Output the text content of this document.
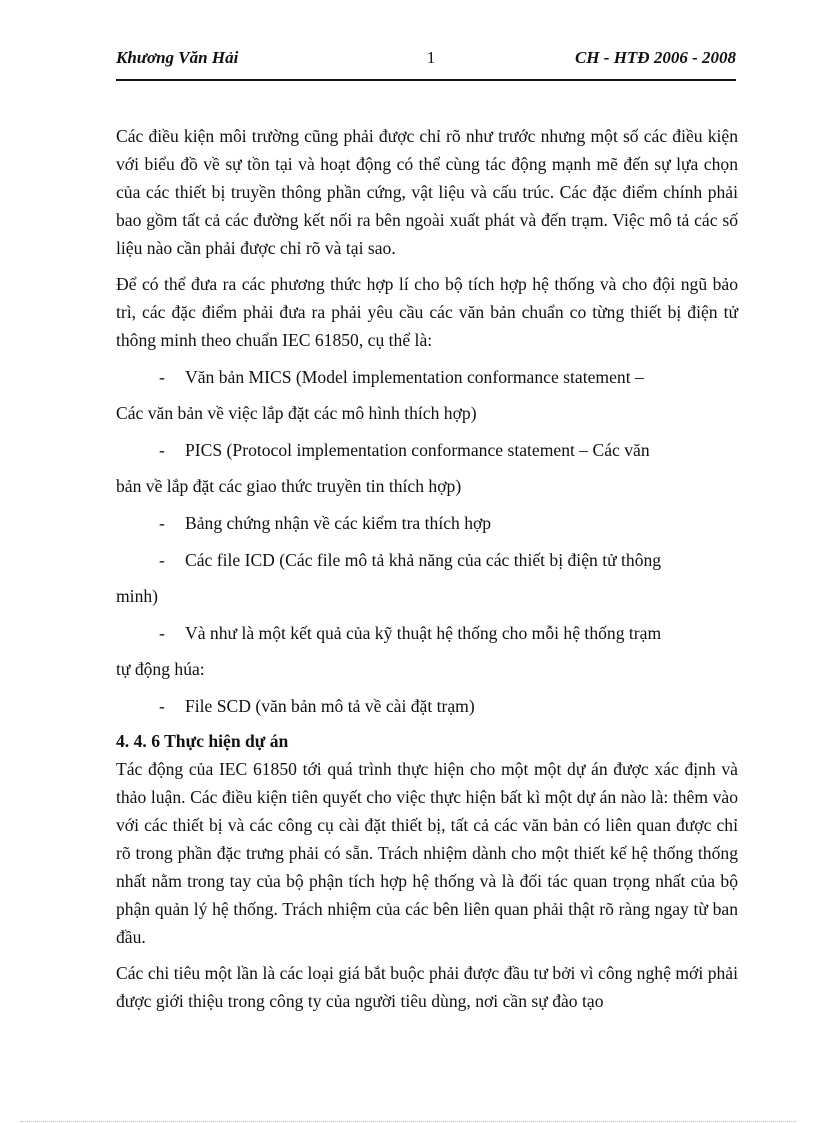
Khương Văn Hải	1	CH - HTĐ 2006 - 2008

Các điều kiện môi trường cũng phải được chỉ rõ như trước nhưng một số các điều kiện với biểu đồ về sự tồn tại và hoạt động có thể cùng tác động mạnh mẽ đến sự lựa chọn của các thiết bị truyền thông phần cứng, vật liệu và cấu trúc. Các đặc điểm chính phải bao gồm tất cả các đường kết nối ra bên ngoài xuất phát và đến trạm. Việc mô tả các số liệu nào cần phải được chỉ rõ và tại sao.

Để có thể đưa ra các phương thức hợp lí cho bộ tích hợp hệ thống và cho đội ngũ bảo trì, các đặc điểm phải đưa ra phải yêu cầu các văn bản chuẩn co từng thiết bị điện tử thông minh theo chuẩn IEC 61850, cụ thể là:

- Văn bản MICS (Model implementation conformance statement –

Các văn bản về việc lắp đặt các mô hình thích hợp)

- PICS (Protocol implementation conformance statement – Các văn

bản về lắp đặt các giao thức truyền tin thích hợp)

- Bảng chứng nhận về các kiểm tra thích hợp

- Các file ICD (Các file mô tả khả năng của các thiết bị điện tử thông

minh)

- Và như là một kết quả của kỹ thuật hệ thống cho mỗi hệ thống trạm

tự động húa:

- File SCD (văn bản mô tả về cài đặt trạm)

4. 4. 6 Thực hiện dự án

Tác động của IEC 61850 tới quá trình thực hiện cho một một dự án được xác định và thảo luận. Các điều kiện tiên quyết cho việc thực hiện bất kì một dự án nào là: thêm vào với các thiết bị và các công cụ cài đặt thiết bị, tất cả các văn bản có liên quan được chỉ rõ trong phần đặc trưng phải có sẵn. Trách nhiệm dành cho một thiết kế hệ thống thống nhất nằm trong tay của bộ phận tích hợp hệ thống và là đối tác quan trọng nhất của bộ phận quản lý hệ thống. Trách nhiệm của các bên liên quan phải thật rõ ràng ngay từ ban đầu.

Các chi tiêu một lần là các loại giá bắt buộc phải được đầu tư bởi vì công nghệ mới phải được giới thiệu trong công ty của người tiêu dùng, nơi cần sự đào tạo
